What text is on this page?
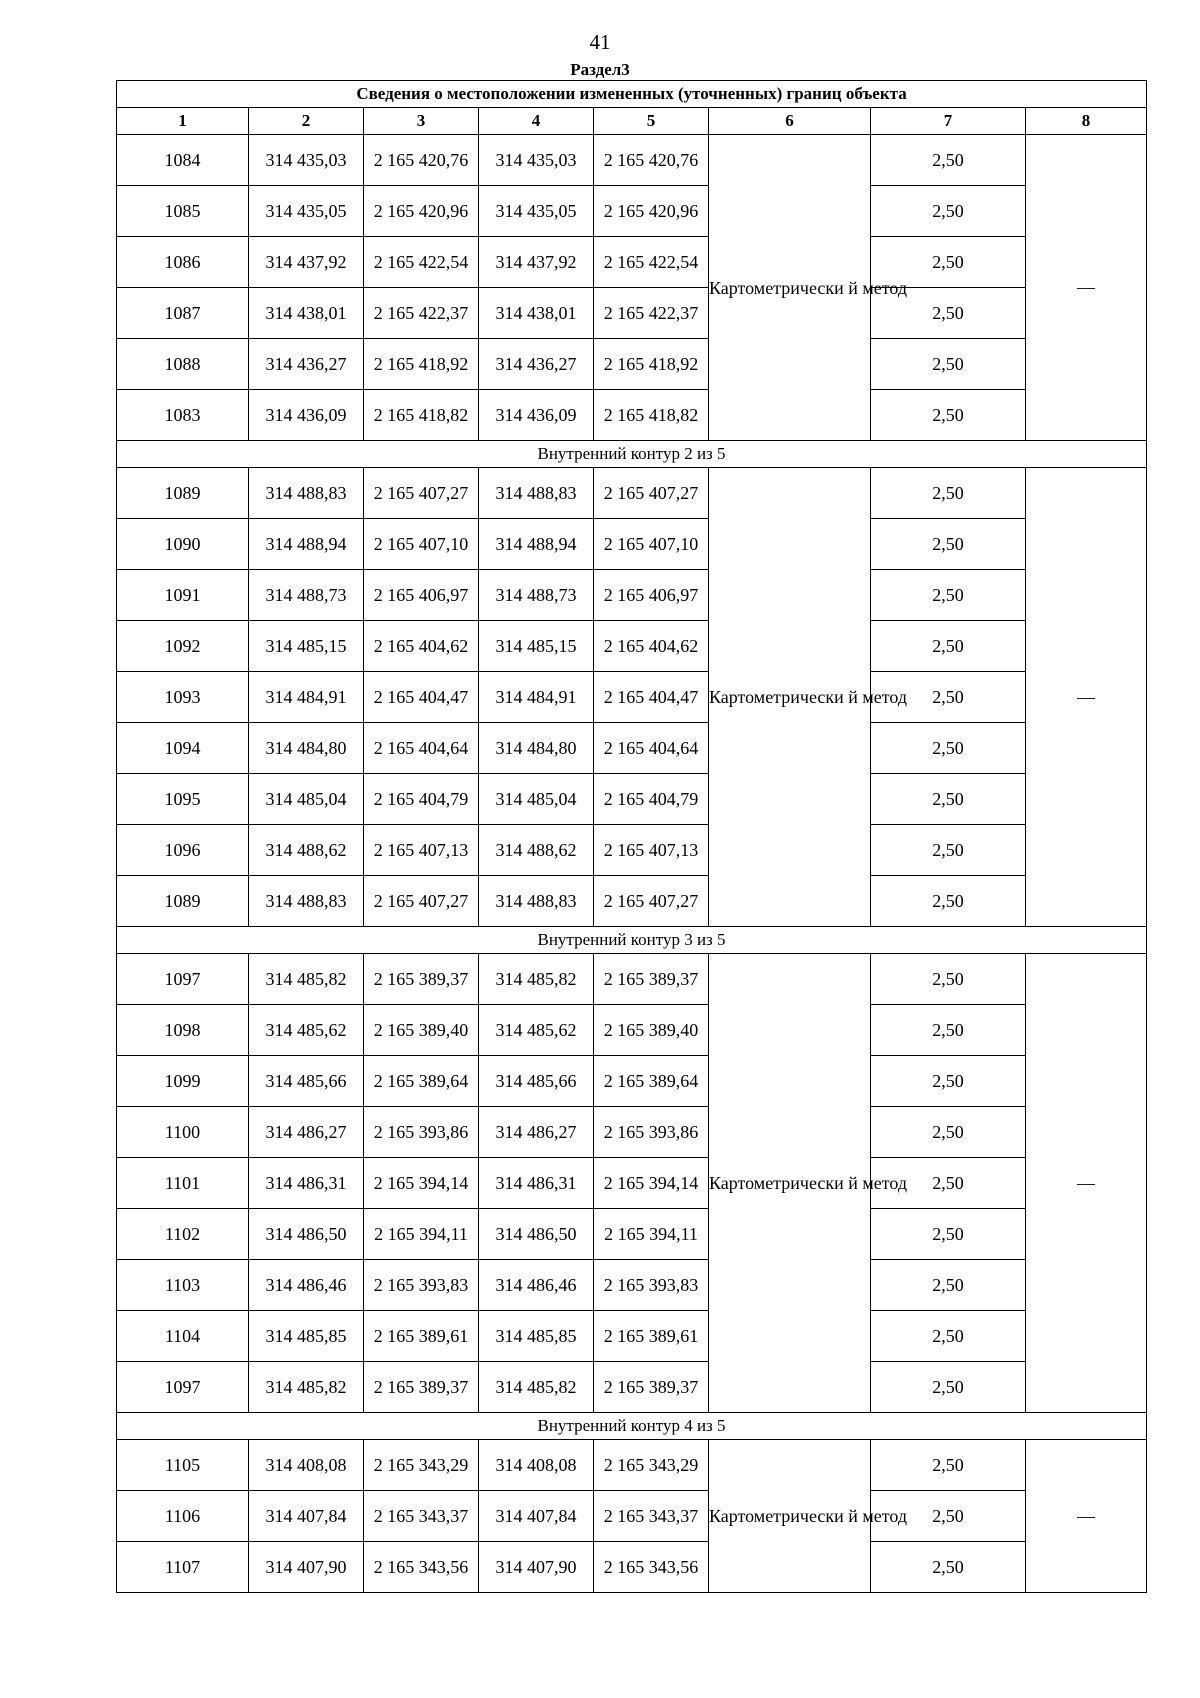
41
Раздел3
Сведения о местоположении измененных (уточненных) границ объекта							
1	2	3	4	5	6	7	8
1084	314 435,03	2 165 420,76	314 435,03	2 165 420,76	Картометрически й метод	2,50	—
1085	314 435,05	2 165 420,96	314 435,05	2 165 420,96		2,50	
1086	314 437,92	2 165 422,54	314 437,92	2 165 422,54		2,50	
1087	314 438,01	2 165 422,37	314 438,01	2 165 422,37		2,50	
1088	314 436,27	2 165 418,92	314 436,27	2 165 418,92		2,50	
1083	314 436,09	2 165 418,82	314 436,09	2 165 418,82		2,50	
Внутренний контур 2 из 5							
1089	314 488,83	2 165 407,27	314 488,83	2 165 407,27	Картометрически й метод	2,50	—
1090	314 488,94	2 165 407,10	314 488,94	2 165 407,10		2,50	
1091	314 488,73	2 165 406,97	314 488,73	2 165 406,97		2,50	
1092	314 485,15	2 165 404,62	314 485,15	2 165 404,62		2,50	
1093	314 484,91	2 165 404,47	314 484,91	2 165 404,47		2,50	
1094	314 484,80	2 165 404,64	314 484,80	2 165 404,64		2,50	
1095	314 485,04	2 165 404,79	314 485,04	2 165 404,79		2,50	
1096	314 488,62	2 165 407,13	314 488,62	2 165 407,13		2,50	
1089	314 488,83	2 165 407,27	314 488,83	2 165 407,27		2,50	
Внутренний контур 3 из 5							
1097	314 485,82	2 165 389,37	314 485,82	2 165 389,37	Картометрически й метод	2,50	—
1098	314 485,62	2 165 389,40	314 485,62	2 165 389,40		2,50	
1099	314 485,66	2 165 389,64	314 485,66	2 165 389,64		2,50	
1100	314 486,27	2 165 393,86	314 486,27	2 165 393,86		2,50	
1101	314 486,31	2 165 394,14	314 486,31	2 165 394,14		2,50	
1102	314 486,50	2 165 394,11	314 486,50	2 165 394,11		2,50	
1103	314 486,46	2 165 393,83	314 486,46	2 165 393,83		2,50	
1104	314 485,85	2 165 389,61	314 485,85	2 165 389,61		2,50	
1097	314 485,82	2 165 389,37	314 485,82	2 165 389,37		2,50	
Внутренний контур 4 из 5							
1105	314 408,08	2 165 343,29	314 408,08	2 165 343,29	Картометрически й метод	2,50	—
1106	314 407,84	2 165 343,37	314 407,84	2 165 343,37		2,50	
1107	314 407,90	2 165 343,56	314 407,90	2 165 343,56		2,50	
